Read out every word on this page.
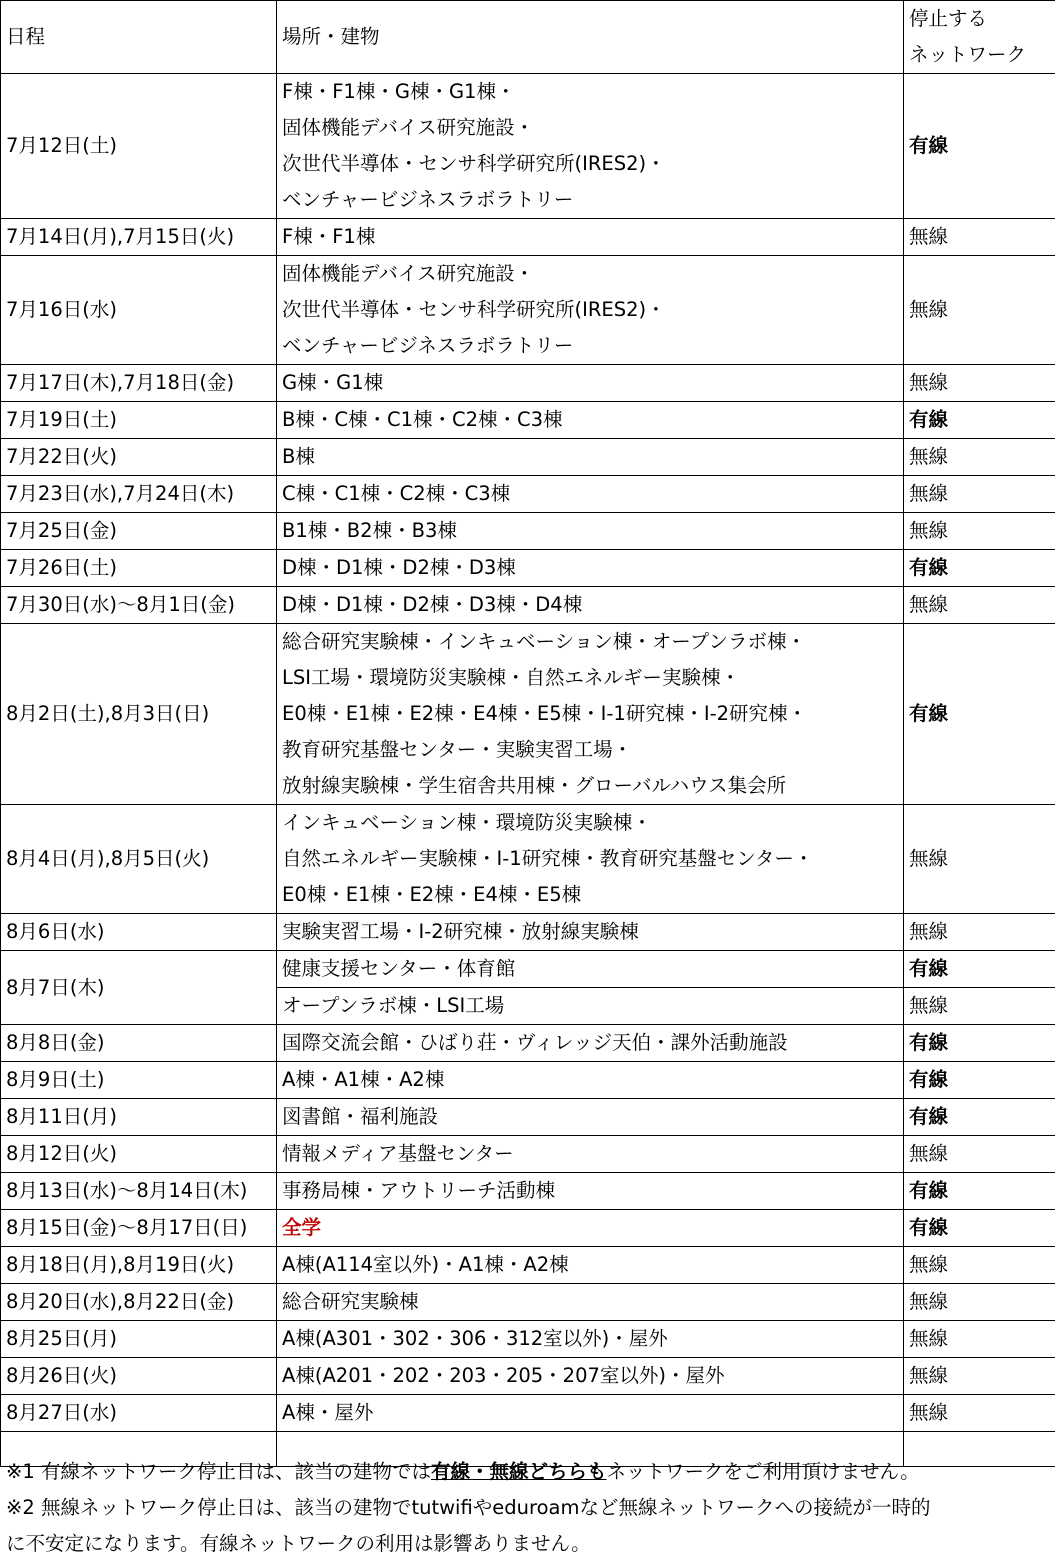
日程	場所・建物	停止する
ネットワーク

7月12日(土)	F棟・F1棟・G棟・G1棟・
固体機能デバイス研究施設・
次世代半導体・センサ科学研究所(IRES2)・
ベンチャービジネスラボラトリー	有線
7月14日(月),7月15日(火)	F棟・F1棟	無線
7月16日(水)	固体機能デバイス研究施設・
次世代半導体・センサ科学研究所(IRES2)・
ベンチャービジネスラボラトリー	無線
7月17日(木),7月18日(金)	G棟・G1棟	無線
7月19日(土)	B棟・C棟・C1棟・C2棟・C3棟	有線
7月22日(火)	B棟	無線
7月23日(水),7月24日(木)	C棟・C1棟・C2棟・C3棟	無線
7月25日(金)	B1棟・B2棟・B3棟	無線
7月26日(土)	D棟・D1棟・D2棟・D3棟	有線
7月30日(水)〜8月1日(金)	D棟・D1棟・D2棟・D3棟・D4棟	無線
8月2日(土),8月3日(日)	総合研究実験棟・インキュベーション棟・オープンラボ棟・
LSI工場・環境防災実験棟・自然エネルギー実験棟・
E0棟・E1棟・E2棟・E4棟・E5棟・I-1研究棟・I-2研究棟・
教育研究基盤センター・実験実習工場・
放射線実験棟・学生宿舎共用棟・グローバルハウス集会所	有線
8月4日(月),8月5日(火)	インキュベーション棟・環境防災実験棟・
自然エネルギー実験棟・I-1研究棟・教育研究基盤センター・
E0棟・E1棟・E2棟・E4棟・E5棟	無線
8月6日(水)	実験実習工場・I-2研究棟・放射線実験棟	無線
8月7日(木)	健康支援センター・体育館	有線

	オープンラボ棟・LSI工場	無線
8月8日(金)	国際交流会館・ひばり荘・ヴィレッジ天伯・課外活動施設	有線
8月9日(土)	A棟・A1棟・A2棟	有線
8月11日(月)	図書館・福利施設	有線
8月12日(火)	情報メディア基盤センター	無線
8月13日(水)〜8月14日(木)	事務局棟・アウトリーチ活動棟	有線
8月15日(金)〜8月17日(日)	全学	有線
8月18日(月),8月19日(火)	A棟(A114室以外)・A1棟・A2棟	無線
8月20日(水),8月22日(金)	総合研究実験棟	無線
8月25日(月)	A棟(A301・302・306・312室以外)・屋外	無線
8月26日(火)	A棟(A201・202・203・205・207室以外)・屋外	無線
8月27日(水)	A棟・屋外	無線

※1 有線ネットワーク停止日は、該当の建物では有線・無線どちらもネットワークをご利用頂けません。

※2 無線ネットワーク停止日は、該当の建物でtutwifiやeduroamなど無線ネットワークへの接続が一時的

に不安定になります。有線ネットワークの利用は影響ありません。
